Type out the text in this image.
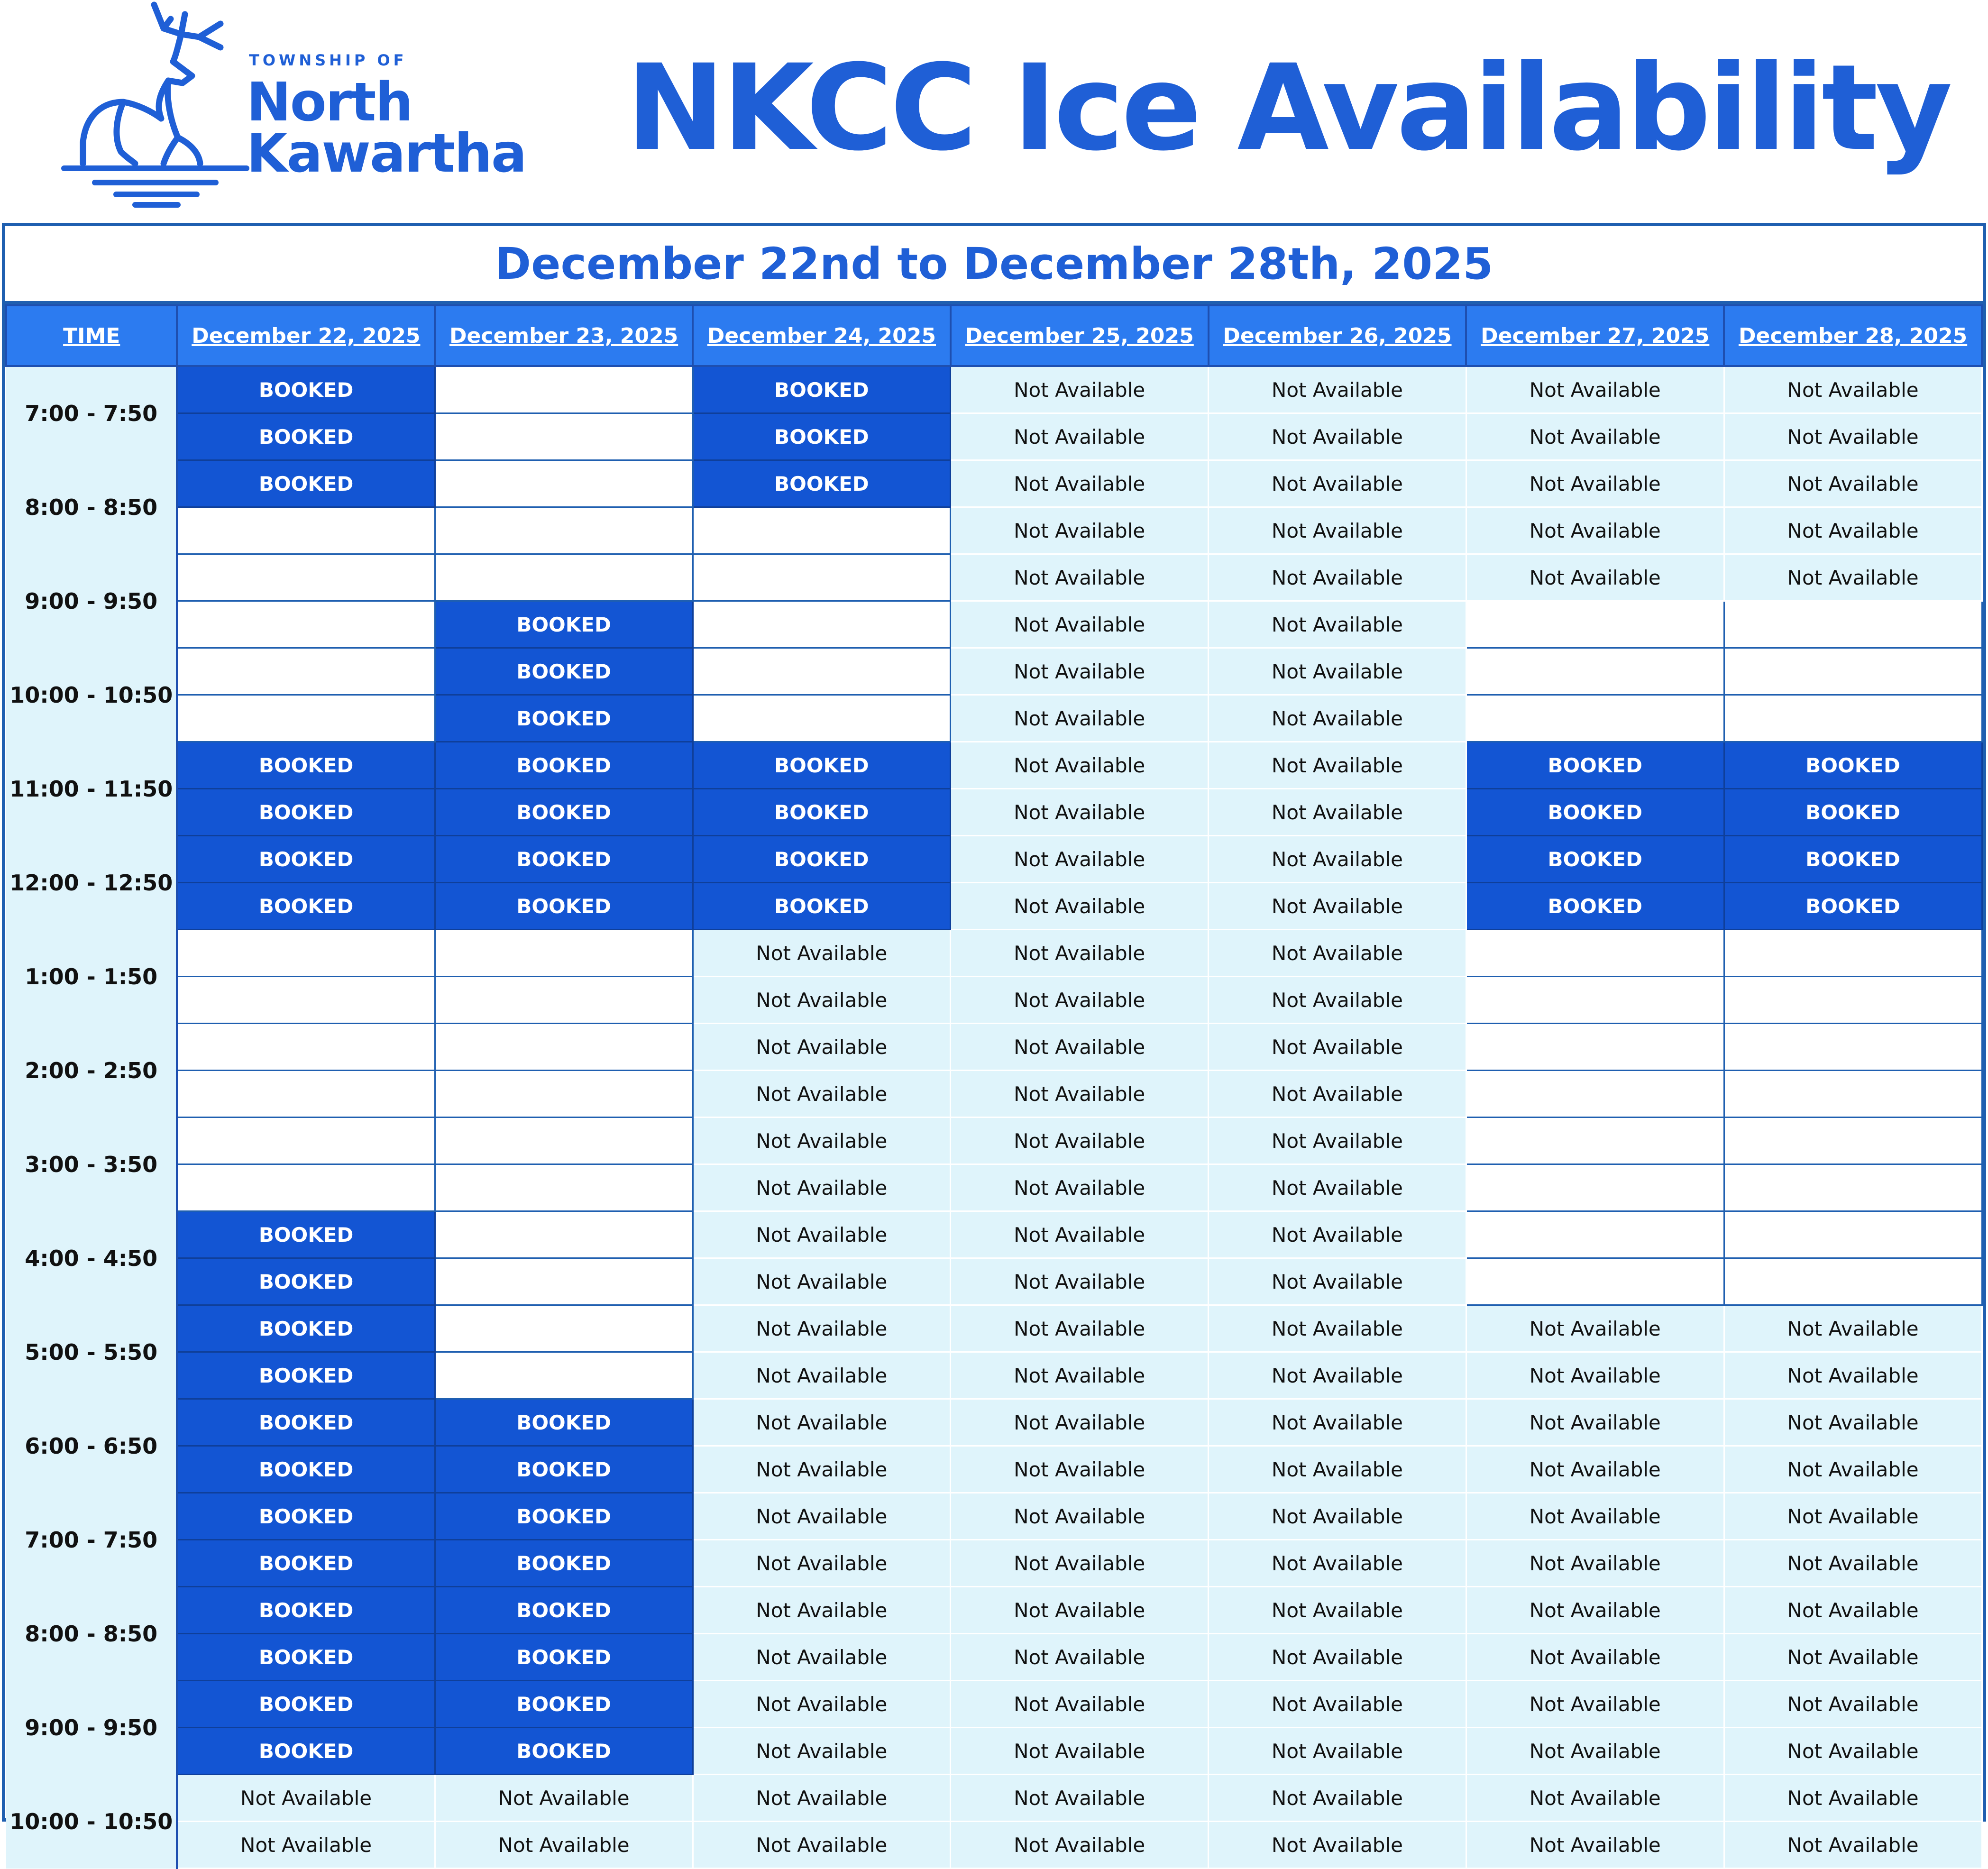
TOWNSHIP OF
North
Kawartha NKCC Ice Availability
December 22nd to December 28th, 2025
TIME	December 22, 2025	December 23, 2025	December 24, 2025	December 25, 2025	December 26, 2025	December 27, 2025	December 28, 2025
7:00 - 7:50	BOOKED		BOOKED	Not Available	Not Available	Not Available	Not Available
	BOOKED		BOOKED	Not Available	Not Available	Not Available	Not Available
8:00 - 8:50	BOOKED		BOOKED	Not Available	Not Available	Not Available	Not Available
				Not Available	Not Available	Not Available	Not Available
9:00 - 9:50				Not Available	Not Available	Not Available	Not Available
		BOOKED		Not Available	Not Available		
10:00 - 10:50		BOOKED		Not Available	Not Available		
		BOOKED		Not Available	Not Available		
11:00 - 11:50	BOOKED	BOOKED	BOOKED	Not Available	Not Available	BOOKED	BOOKED
	BOOKED	BOOKED	BOOKED	Not Available	Not Available	BOOKED	BOOKED
12:00 - 12:50	BOOKED	BOOKED	BOOKED	Not Available	Not Available	BOOKED	BOOKED
	BOOKED	BOOKED	BOOKED	Not Available	Not Available	BOOKED	BOOKED
1:00 - 1:50			Not Available	Not Available	Not Available		
			Not Available	Not Available	Not Available		
2:00 - 2:50			Not Available	Not Available	Not Available		
			Not Available	Not Available	Not Available		
3:00 - 3:50			Not Available	Not Available	Not Available		
			Not Available	Not Available	Not Available		
4:00 - 4:50	BOOKED		Not Available	Not Available	Not Available		
	BOOKED		Not Available	Not Available	Not Available		
5:00 - 5:50	BOOKED		Not Available	Not Available	Not Available	Not Available	Not Available
	BOOKED		Not Available	Not Available	Not Available	Not Available	Not Available
6:00 - 6:50	BOOKED	BOOKED	Not Available	Not Available	Not Available	Not Available	Not Available
	BOOKED	BOOKED	Not Available	Not Available	Not Available	Not Available	Not Available
7:00 - 7:50	BOOKED	BOOKED	Not Available	Not Available	Not Available	Not Available	Not Available
	BOOKED	BOOKED	Not Available	Not Available	Not Available	Not Available	Not Available
8:00 - 8:50	BOOKED	BOOKED	Not Available	Not Available	Not Available	Not Available	Not Available
	BOOKED	BOOKED	Not Available	Not Available	Not Available	Not Available	Not Available
9:00 - 9:50	BOOKED	BOOKED	Not Available	Not Available	Not Available	Not Available	Not Available
	BOOKED	BOOKED	Not Available	Not Available	Not Available	Not Available	Not Available
10:00 - 10:50	Not Available	Not Available	Not Available	Not Available	Not Available	Not Available	Not Available
	Not Available	Not Available	Not Available	Not Available	Not Available	Not Available	Not Available
